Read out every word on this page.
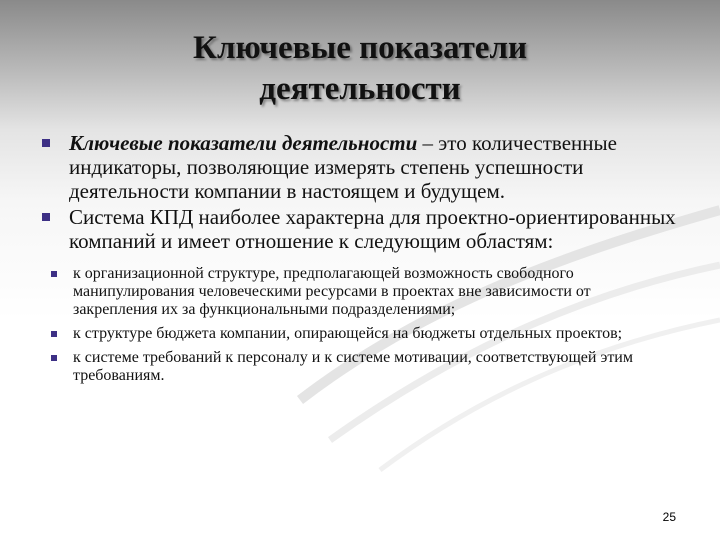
Ключевые показатели
деятельности
Ключевые показатели деятельности – это количественные индикаторы, позволяющие измерять степень успешности деятельности компании в настоящем и будущем.
Система КПД наиболее характерна для проектно-ориентированных компаний и имеет отношение к следующим областям:
к организационной структуре, предполагающей возможность свободного манипулирования человеческими ресурсами в проектах вне зависимости от закрепления их за функциональными подразделениями;
к структуре бюджета компании, опирающейся на бюджеты отдельных проектов;
к системе требований к персоналу и к системе мотивации, соответствующей этим требованиям.
25
